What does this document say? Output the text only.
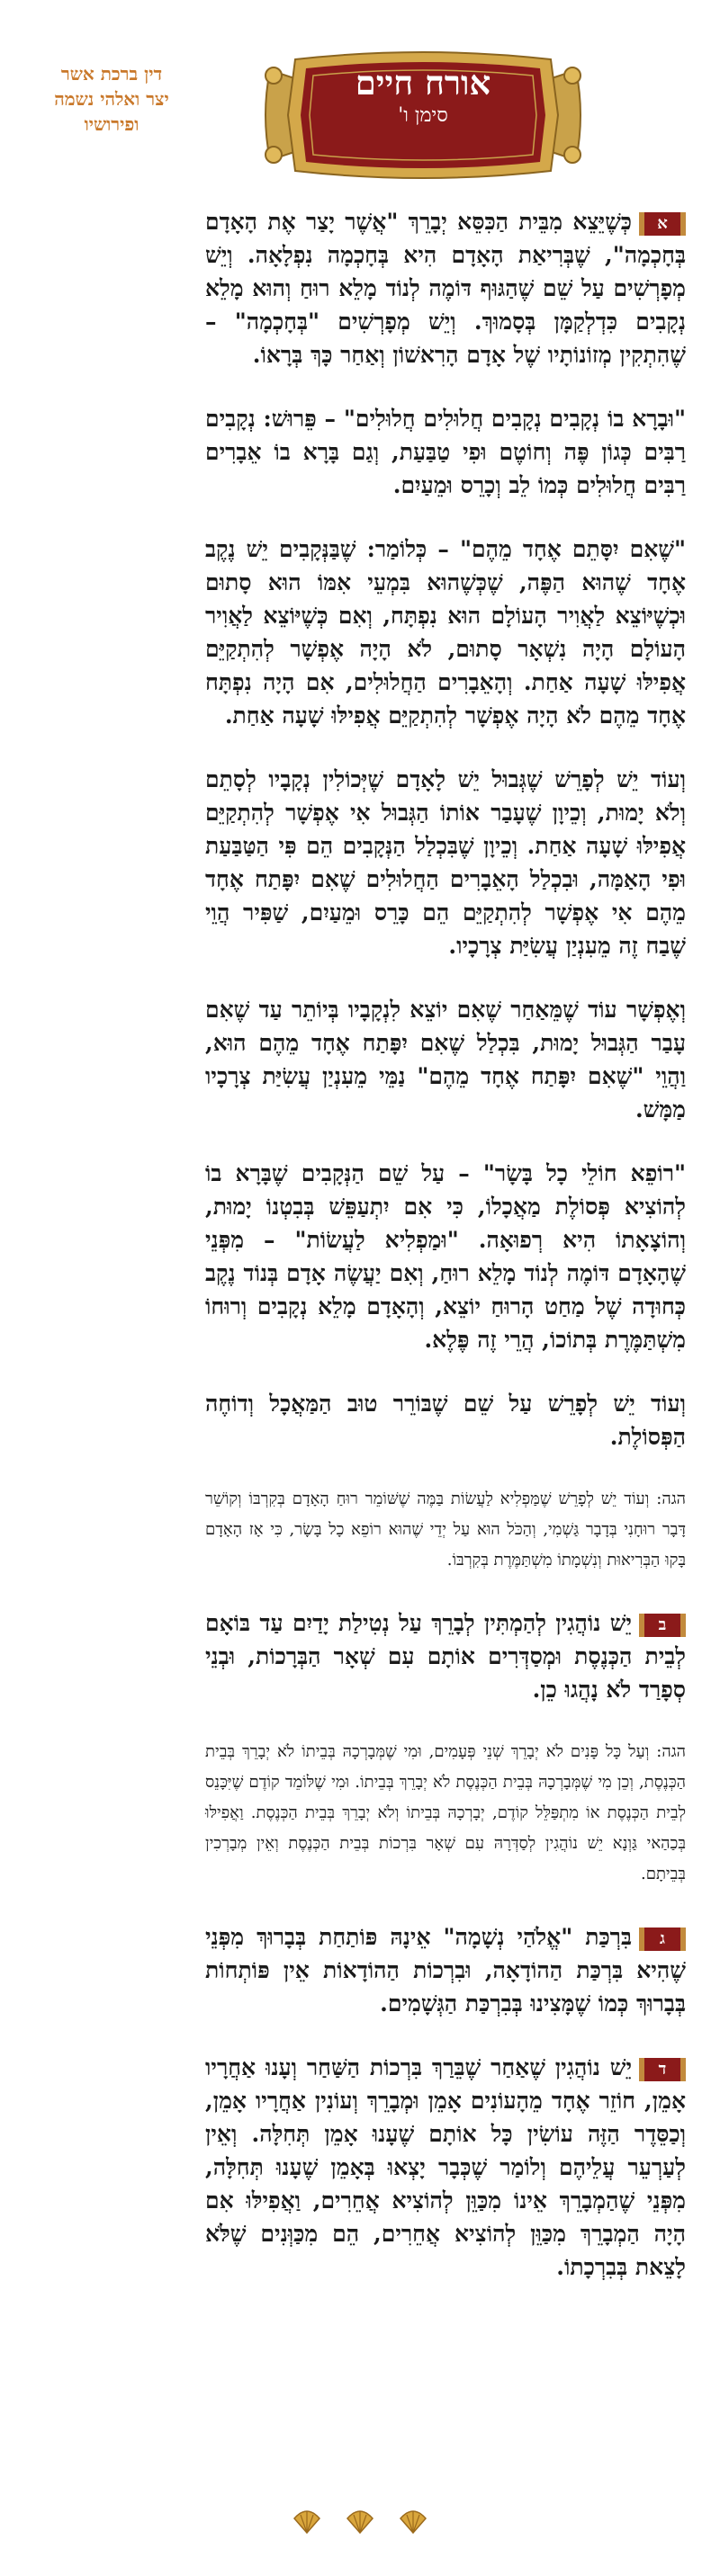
דין ברכת אשר
יצר ואלהי נשמה
ופירושיו
אורח חיים
סימן ו'

אכְּשֶׁיֵּצֵא מִבֵּית הַכִּסֵּא יְבָרֵךְ "אֲשֶׁר יָצַר אֶת הָאָדָם בְּחָכְמָה", שֶׁבְּרִיאַת הָאָדָם הִיא בְּחָכְמָה נִפְלָאָה. וְיֵשׁ מְפָרְשִׁים עַל שֵׁם שֶׁהַגּוּף דּוֹמֶה לְנוֹד מָלֵא רוּחַ וְהוּא מָלֵא נְקָבִים כִּדְלְקַמָּן בְּסָמוּךְ. וְיֵשׁ מְפָרְשִׁים "בְּחָכְמָה" – שֶׁהִתְקִין מְזוֹנוֹתָיו שֶׁל אָדָם הָרִאשׁוֹן וְאַחַר כָּךְ בְּרָאוֹ.

"וּבָרָא בוֹ נְקָבִים נְקָבִים חֲלוּלִים חֲלוּלִים" – פֵּרוּשׁ: נְקָבִים רַבִּים כְּגוֹן פֶּה וְחוֹטֶם וּפִי טַבַּעַת, וְגַם בָּרָא בוֹ אֵבָרִים רַבִּים חֲלוּלִים כְּמוֹ לֵב וְכָרֵס וּמֵעַיִם.

"שֶׁאִם יִסָּתֵם אֶחָד מֵהֶם" – כְּלוֹמַר: שֶׁבַּנְּקָבִים יֵשׁ נֶקֶב אֶחָד שֶׁהוּא הַפֶּה, שֶׁכְּשֶׁהוּא בִּמְעֵי אִמּוֹ הוּא סָתוּם וּכְשֶׁיּוֹצֵא לַאֲוִיר הָעוֹלָם הוּא נִפְתָּח, וְאִם כְּשֶׁיּוֹצֵא לַאֲוִיר הָעוֹלָם הָיָה נִשְׁאָר סָתוּם, לֹא הָיָה אֶפְשָׁר לְהִתְקַיֵּם אֲפִילּוּ שָׁעָה אַחַת. וְהָאֵבָרִים הַחֲלוּלִים, אִם הָיָה נִפְתָּח אֶחָד מֵהֶם לֹא הָיָה אֶפְשָׁר לְהִתְקַיֵּם אֲפִילּוּ שָׁעָה אַחַת.

וְעוֹד יֵשׁ לְפָרֵשׁ שֶׁגְּבוּל יֵשׁ לָאָדָם שֶׁיְּכוֹלִין נְקָבָיו לְסָתֵם וְלֹא יָמוּת, וְכֵיוָן שֶׁעָבַר אוֹתוֹ הַגְּבוּל אִי אֶפְשָׁר לְהִתְקַיֵּם אֲפִילּוּ שָׁעָה אַחַת. וְכֵיוָן שֶׁבִּכְלַל הַנְּקָבִים הֵם פִּי הַטַּבַּעַת וּפִי הָאַמָּה, וּבִכְלַל הָאֵבָרִים הַחֲלוּלִים שֶׁאִם יִפָּתַח אֶחָד מֵהֶם אִי אֶפְשָׁר לְהִתְקַיֵּם הֵם כָּרֵס וּמֵעַיִם, שַׁפִּיר הֲוֵי שֶׁבַח זֶה מֵעִנְיַן עֲשִׂיַּת צְרָכָיו.

וְאֶפְשָׁר עוֹד שֶׁמֵּאַחַר שֶׁאִם יוֹצֵא לִנְקָבָיו בְּיוֹתֵר עַד שֶׁאִם עָבַר הַגְּבוּל יָמוּת, בִּכְלַל שֶׁאִם יִפָּתַח אֶחָד מֵהֶם הוּא, וַהֲוֵי "שֶׁאִם יִפָּתַח אֶחָד מֵהֶם" נַמֵּי מֵעִנְיַן עֲשִׂיַּת צְרָכָיו מַמָּשׁ.

"רוֹפֵא חוֹלֵי כָל בָּשָׂר" – עַל שֵׁם הַנְּקָבִים שֶׁבָּרָא בוֹ לְהוֹצִיא פְּסוֹלֶת מַאֲכָלוֹ, כִּי אִם יִתְעַפֵּשׁ בְּבִטְנוֹ יָמוּת, וְהוֹצָאָתוֹ הִיא רְפוּאָה. "וּמַפְלִיא לַעֲשׂוֹת" – מִפְּנֵי שֶׁהָאָדָם דּוֹמֶה לְנוֹד מָלֵא רוּחַ, וְאִם יַעֲשֶׂה אָדָם בְּנוֹד נֶקֶב כְּחוּדָה שֶׁל מַחַט הָרוּחַ יוֹצֵא, וְהָאָדָם מָלֵא נְקָבִים וְרוּחוֹ מִשְׁתַּמֶּרֶת בְּתוֹכוֹ, הֲרֵי זֶה פֶּלֶא.

וְעוֹד יֵשׁ לְפָרֵשׁ עַל שֵׁם שֶׁבּוֹרֵר טוּב הַמַּאֲכָל וְדוֹחֶה הַפְּסוֹלֶת.

הגה: וְעוֹד יֵשׁ לְפָרֵשׁ שֶׁמַּפְלִיא לַעֲשׂוֹת בַּמֶּה שֶׁשּׁוֹמֵר רוּחַ הָאָדָם בְּקִרְבּוֹ וְקוֹשֵׁר דָּבָר רוּחָנִי בְּדָבָר גַּשְׁמִי, וְהַכֹּל הוּא עַל יְדֵי שֶׁהוּא רוֹפֵא כָל בָּשָׂר, כִּי אָז הָאָדָם בָּקוּ הַבְּרִיאוּת וְנִשְׁמָתוֹ מִשְׁתַּמֶּרֶת בְּקִרְבּוֹ.

ביֵשׁ נוֹהֲגִין לְהַמְתִּין לְבָרֵךְ עַל נְטִילַת יָדַיִם עַד בּוֹאָם לְבֵית הַכְּנֶסֶת וּמְסַדְּרִים אוֹתָם עִם שְׁאָר הַבְּרָכוֹת, וּבְנֵי סְפָרַד לֹא נָהֲגוּ כֵן.

הגה: וְעַל כָּל פָּנִים לֹא יְבָרֵךְ שְׁנֵי פְּעָמִים, וּמִי שֶׁמְּבָרְכָהּ בְּבֵיתוֹ לֹא יְבָרֵךְ בְּבֵית הַכְּנֶסֶת, וְכֵן מִי שֶׁמְּבָרְכָהּ בְּבֵית הַכְּנֶסֶת לֹא יְבָרֵךְ בְּבֵיתוֹ. וּמִי שֶׁלּוֹמֵד קוֹדֶם שֶׁיִּכָּנֵס לְבֵית הַכְּנֶסֶת אוֹ מִתְפַּלֵּל קוֹדֶם, יְבָרְכָהּ בְּבֵיתוֹ וְלֹא יְבָרֵךְ בְּבֵית הַכְּנֶסֶת. וַאֲפִילּוּ בְּכַהַאי גַּוְנָא יֵשׁ נוֹהֲגִין לְסַדְּרָהּ עִם שְׁאָר בִּרְכוֹת בְּבֵית הַכְּנֶסֶת וְאֵין מְבָרְכִין בְּבֵיתָם.

גבִּרְכַּת "אֱלֹהַי נְשָׁמָה" אֵינָהּ פּוֹתַחַת בְּבָרוּךְ מִפְּנֵי שֶׁהִיא בִּרְכַּת הַהוֹדָאָה, וּבִרְכוֹת הַהוֹדָאוֹת אֵין פּוֹתְחוֹת בְּבָרוּךְ כְּמוֹ שֶׁמָּצִינוּ בְּבִרְכַּת הַגְּשָׁמִים.

דיֵשׁ נוֹהֲגִין שֶׁאַחַר שֶׁבֵּרַךְ בִּרְכוֹת הַשַּׁחַר וְעָנוּ אַחֲרָיו אָמֵן, חוֹזֵר אֶחָד מֵהָעוֹנִים אָמֵן וּמְבָרֵךְ וְעוֹנִין אַחֲרָיו אָמֵן, וְכַסֵּדֶר הַזֶּה עוֹשִׂין כָּל אוֹתָם שֶׁעָנוּ אָמֵן תְּחִלָּה. וְאֵין לְעַרְעֵר עֲלֵיהֶם וְלוֹמַר שֶׁכְּבָר יָצְאוּ בְּאָמֵן שֶׁעָנוּ תְּחִלָּה, מִפְּנֵי שֶׁהַמְבָרֵךְ אֵינוֹ מִכַּוֵּן לְהוֹצִיא אֲחֵרִים, וַאֲפִילּוּ אִם הָיָה הַמְבָרֵךְ מִכַּוֵּן לְהוֹצִיא אֲחֵרִים, הֵם מִכַּוְּנִים שֶׁלֹּא לָצֵאת בְּבִרְכָתוֹ.
